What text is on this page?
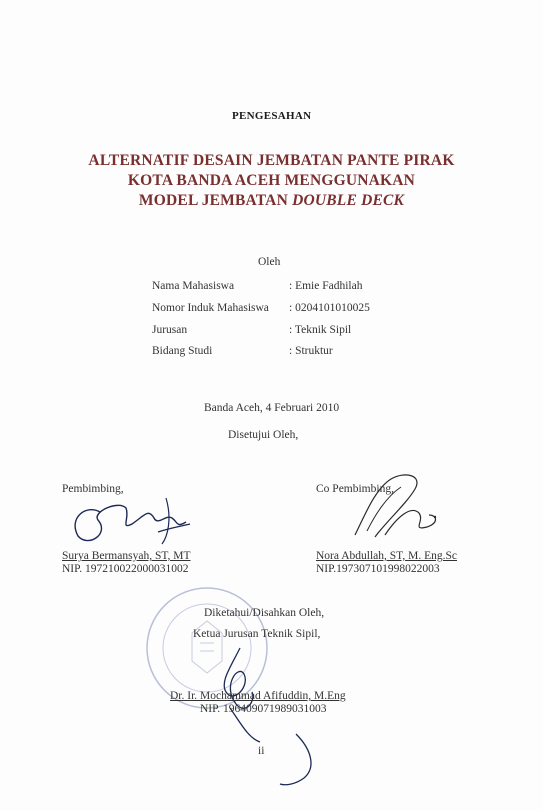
PENGESAHAN
ALTERNATIF DESAIN JEMBATAN PANTE PIRAK
KOTA BANDA ACEH MENGGUNAKAN
MODEL JEMBATAN DOUBLE DECK
Oleh
Nama Mahasiswa	: Emie Fadhilah
Nomor Induk Mahasiswa : 0204101010025
Jurusan	: Teknik Sipil
Bidang Studi	: Struktur
Banda Aceh, 4 Februari 2010
Disetujui Oleh,
Pembimbing,
Surya Bermansyah, ST, MT
NIP. 197210022000031002
Co Pembimbing,
Nora Abdullah, ST, M. Eng.Sc
NIP.197307101998022003
Diketahui/Disahkan Oleh,
Ketua Jurusan Teknik Sipil,
Dr. Ir. Mochammad Afifuddin, M.Eng
NIP. 196409071989031003
ii
